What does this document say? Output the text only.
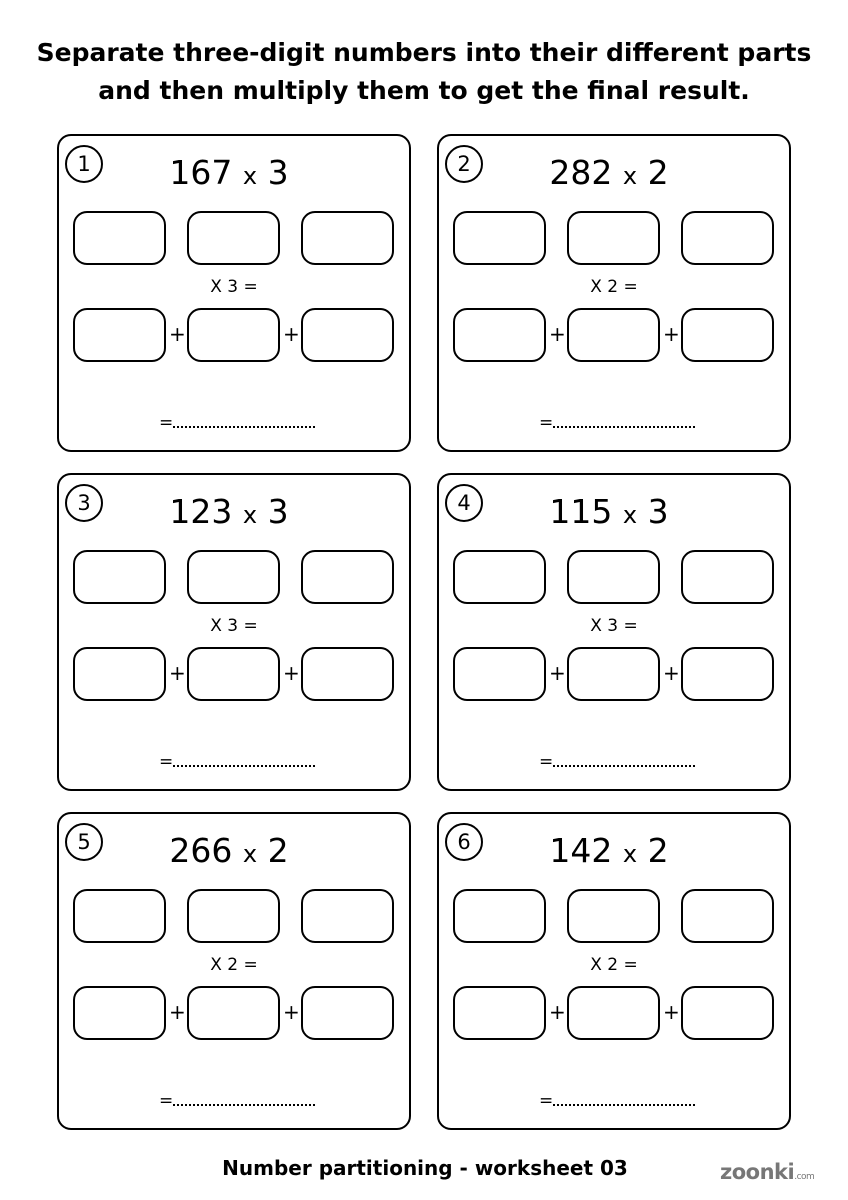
Separate three-digit numbers into their different parts
and then multiply them to get the final result.
1	167 x 3
X 3 =
+	+
=
2	282 x 2
X 2 =
+	+
=
3	123 x 3
X 3 =
+	+
=
4	115 x 3
X 3 =
+	+
=
5	266 x 2
X 2 =
+	+
=
6	142 x 2
X 2 =
+	+
=
Number partitioning - worksheet 03	zoonki.com
